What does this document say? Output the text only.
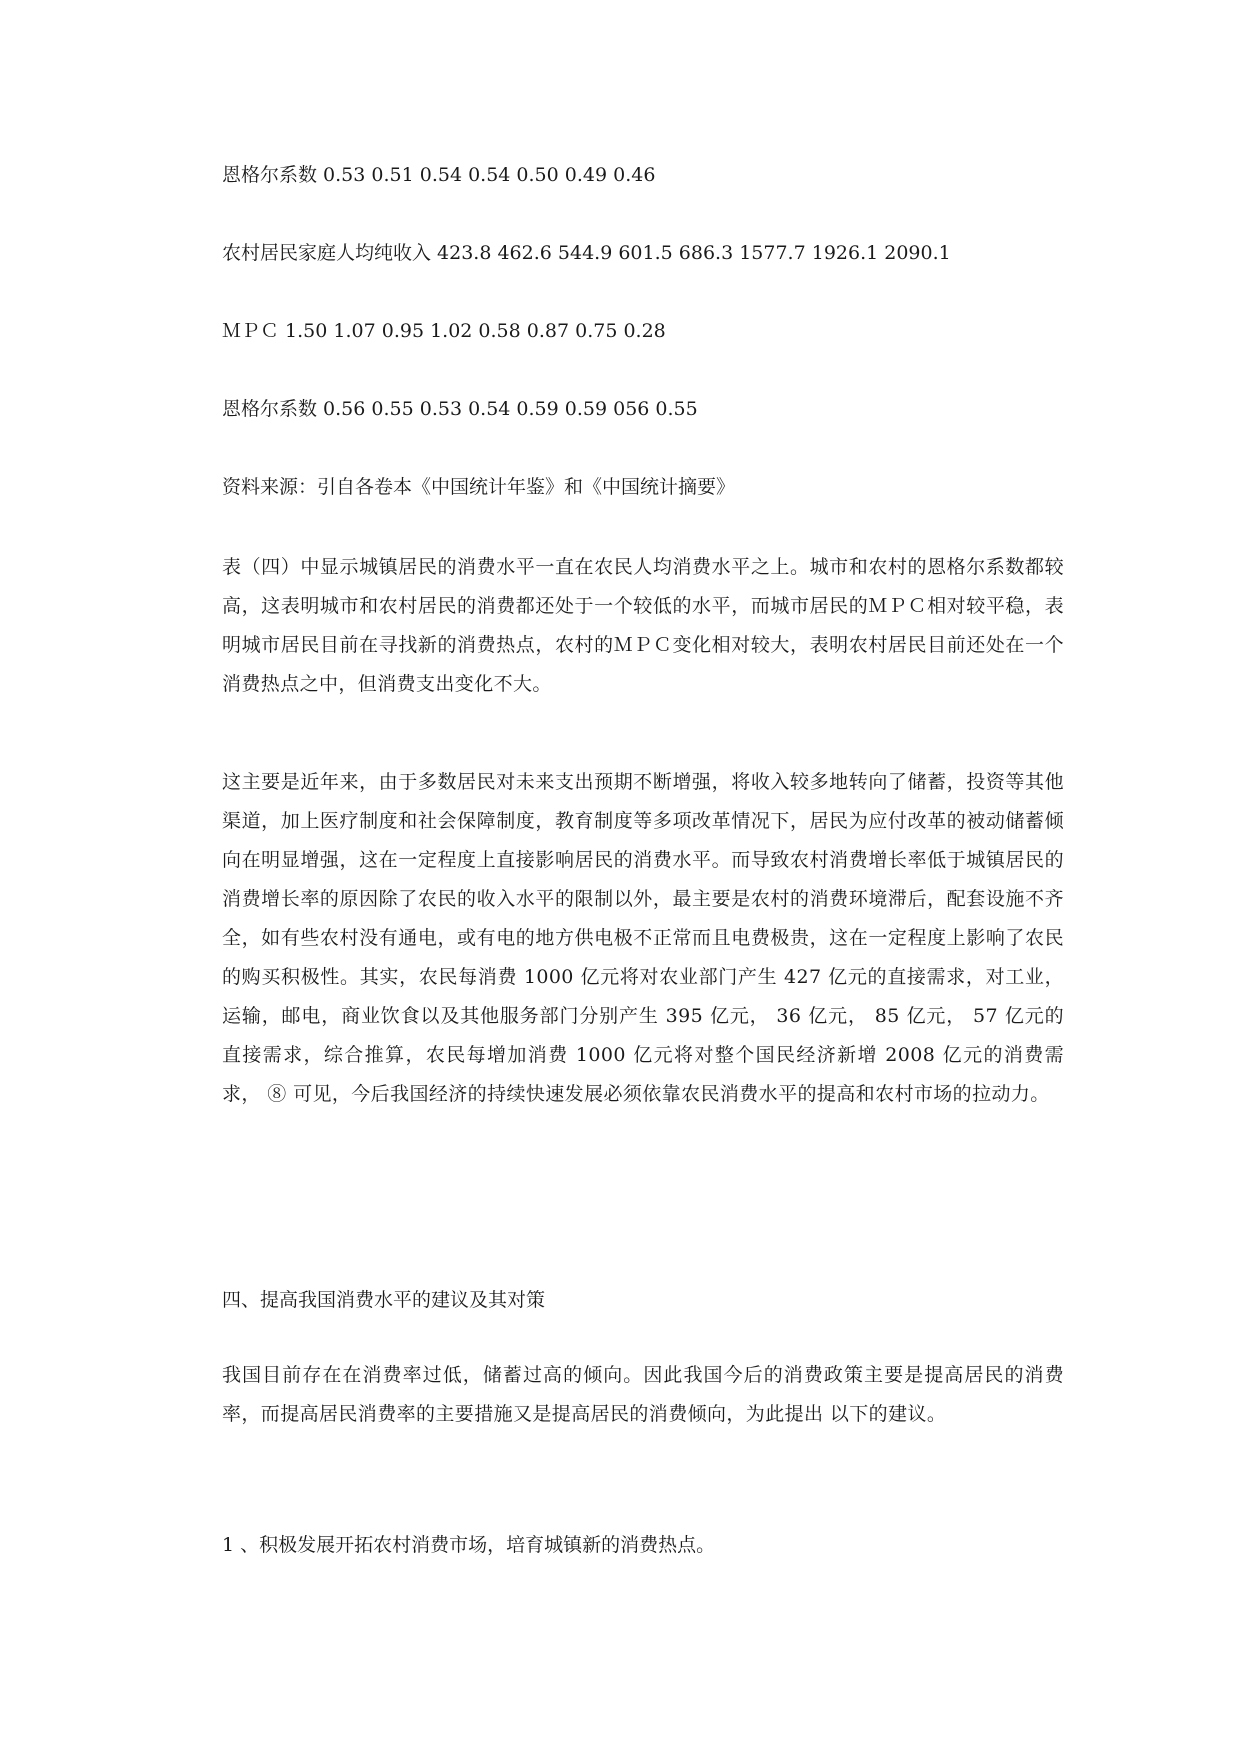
恩格尔系数 0.53 0.51 0.54 0.54 0.50 0.49 0.46
农村居民家庭人均纯收入 423.8 462.6 544.9 601.5 686.3 1577.7 1926.1 2090.1
ＭＰＣ 1.50 1.07 0.95 1.02 0.58 0.87 0.75 0.28
恩格尔系数 0.56 0.55 0.53 0.54 0.59 0.59 056 0.55
资料来源：引自各卷本《中国统计年鉴》和《中国统计摘要》
表（四）中显示城镇居民的消费水平一直在农民人均消费水平之上。城市和农村的恩格尔系数都较高，这表明城市和农村居民的消费都还处于一个较低的水平，而城市居民的ＭＰＣ相对较平稳，表明城市居民目前在寻找新的消费热点，农村的ＭＰＣ变化相对较大，表明农村居民目前还处在一个消费热点之中，但消费支出变化不大。
这主要是近年来，由于多数居民对未来支出预期不断增强，将收入较多地转向了储蓄，投资等其他渠道，加上医疗制度和社会保障制度，教育制度等多项改革情况下，居民为应付改革的被动储蓄倾向在明显增强，这在一定程度上直接影响居民的消费水平。而导致农村消费增长率低于城镇居民的消费增长率的原因除了农民的收入水平的限制以外，最主要是农村的消费环境滞后，配套设施不齐全，如有些农村没有通电，或有电的地方供电极不正常而且电费极贵，这在一定程度上影响了农民的购买积极性。其实，农民每消费 1000 亿元将对农业部门产生 427 亿元的直接需求，对工业，运输，邮电，商业饮食以及其他服务部门分别产生 395 亿元， 36 亿元， 85 亿元， 57 亿元的直接需求，综合推算，农民每增加消费 1000 亿元将对整个国民经济新增 2008 亿元的消费需求， ⑧ 可见，今后我国经济的持续快速发展必须依靠农民消费水平的提高和农村市场的拉动力。
四、提高我国消费水平的建议及其对策
我国目前存在在消费率过低，储蓄过高的倾向。因此我国今后的消费政策主要是提高居民的消费率，而提高居民消费率的主要措施又是提高居民的消费倾向，为此提出 以下的建议。
1 、积极发展开拓农村消费市场，培育城镇新的消费热点。
